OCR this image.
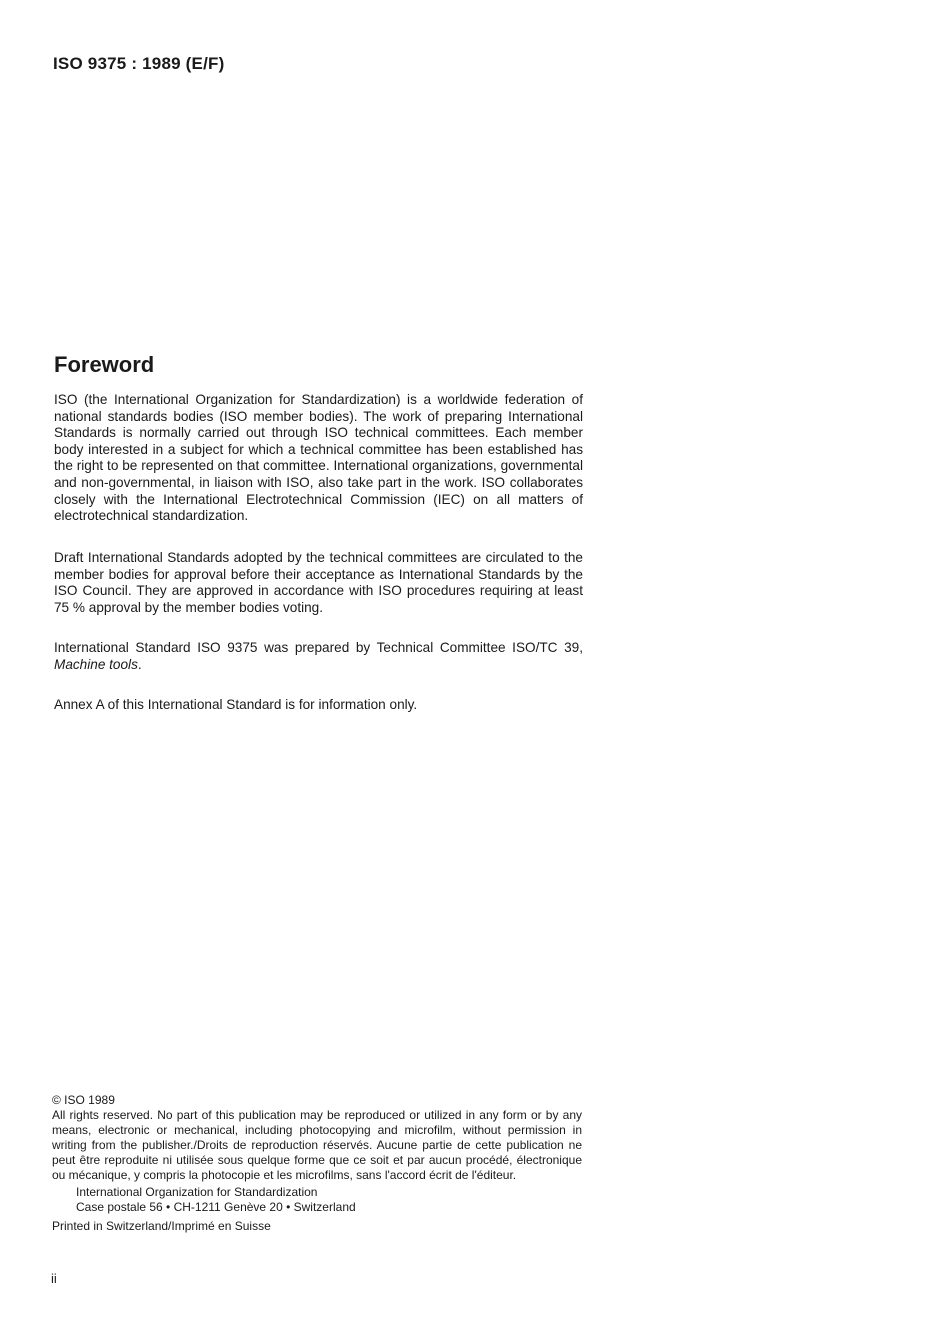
ISO 9375 : 1989 (E/F)
Foreword

ISO (the International Organization for Standardization) is a worldwide federation of national standards bodies (ISO member bodies). The work of preparing International Standards is normally carried out through ISO technical committees. Each member body interested in a subject for which a technical committee has been established has the right to be represented on that committee. International organizations, governmental and non-governmental, in liaison with ISO, also take part in the work. ISO collaborates closely with the International Electrotechnical Commission (IEC) on all matters of electrotechnical standardization.

Draft International Standards adopted by the technical committees are circulated to the member bodies for approval before their acceptance as International Standards by the ISO Council. They are approved in accordance with ISO procedures requiring at least 75 % approval by the member bodies voting.

International Standard ISO 9375 was prepared by Technical Committee ISO/TC 39, Machine tools.

Annex A of this International Standard is for information only.

© ISO 1989

All rights reserved. No part of this publication may be reproduced or utilized in any form or by any means, electronic or mechanical, including photocopying and microfilm, without permission in writing from the publisher./Droits de reproduction réservés. Aucune partie de cette publication ne peut être reproduite ni utilisée sous quelque forme que ce soit et par aucun procédé, électronique ou mécanique, y compris la photocopie et les microfilms, sans l'accord écrit de l'éditeur.

International Organization for Standardization

Case postale 56 • CH-1211 Genève 20 • Switzerland

Printed in Switzerland/Imprimé en Suisse

ii
